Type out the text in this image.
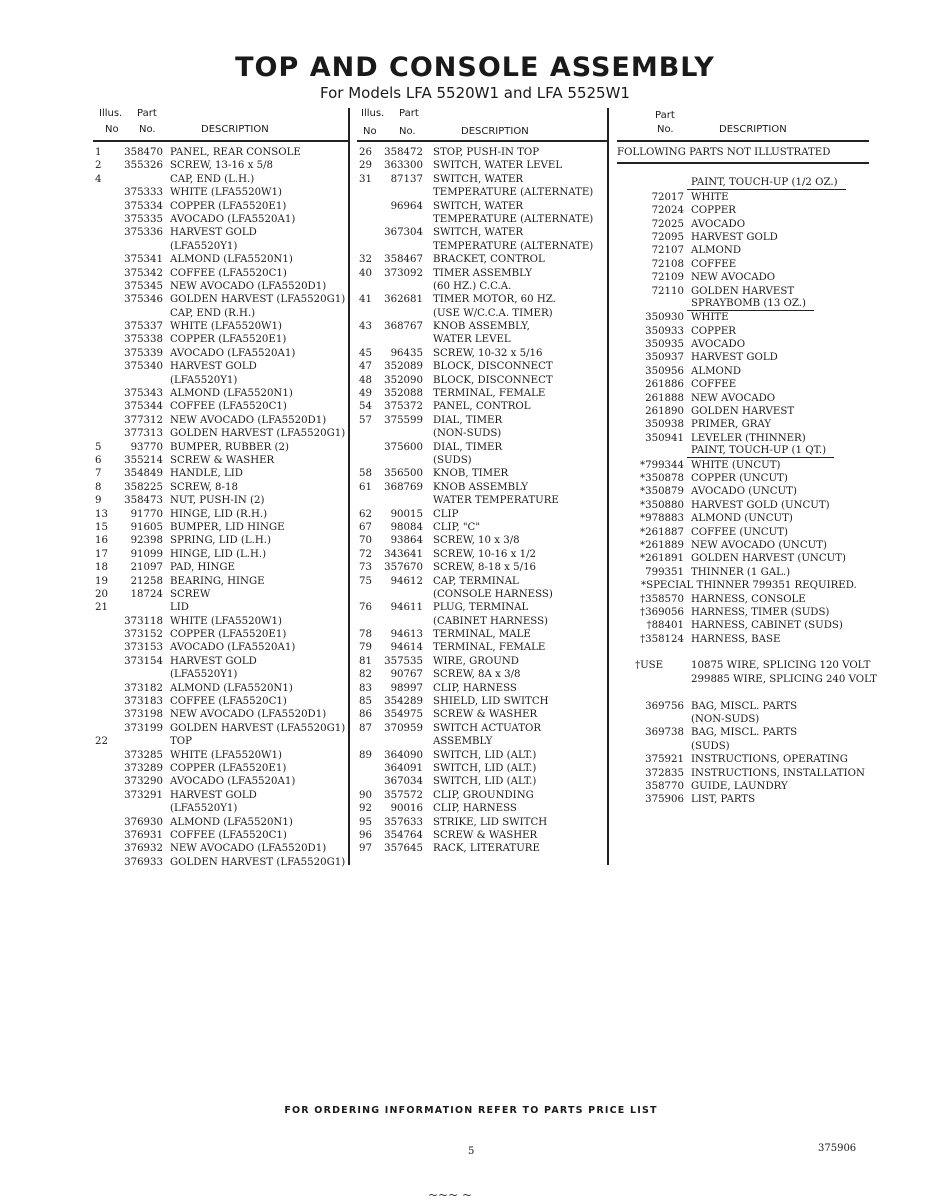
TOP AND CONSOLE ASSEMBLY
For Models LFA 5520W1 and LFA 5525W1
Illus. Part
No No.	DESCRIPTION
1	358470 PANEL, REAR CONSOLE
2	355326 SCREW, 13-16 x 5/8
4	CAP, END (L.H.)
375333 WHITE (LFA5520W1)
375334 COPPER (LFA5520E1)
375335 AVOCADO (LFA5520A1)
375336 HARVEST GOLD
(LFA5520Y1)
375341 ALMOND (LFA5520N1)
375342 COFFEE (LFA5520C1)
375345 NEW AVOCADO (LFA5520D1)
375346 GOLDEN HARVEST (LFA5520G1)
CAP, END (R.H.)
375337 WHITE (LFA5520W1)
375338 COPPER (LFA5520E1)
375339 AVOCADO (LFA5520A1)
375340 HARVEST GOLD
(LFA5520Y1)
375343 ALMOND (LFA5520N1)
375344 COFFEE (LFA5520C1)
377312 NEW AVOCADO (LFA5520D1)
377313 GOLDEN HARVEST (LFA5520G1)
5	93770 BUMPER, RUBBER (2)
6	355214 SCREW & WASHER
7	354849 HANDLE, LID
8	358225 SCREW, 8-18
9	358473 NUT, PUSH-IN (2)
13	91770 HINGE, LID (R.H.)
15	91605 BUMPER, LID HINGE
16	92398 SPRING, LID (L.H.)
17	91099 HINGE, LID (L.H.)
18	21097 PAD, HINGE
19	21258 BEARING, HINGE
20	18724 SCREW
21	LID
373118 WHITE (LFA5520W1)
373152 COPPER (LFA5520E1)
373153 AVOCADO (LFA5520A1)
373154 HARVEST GOLD
(LFA5520Y1)
373182 ALMOND (LFA5520N1)
373183 COFFEE (LFA5520C1)
373198 NEW AVOCADO (LFA5520D1)
373199 GOLDEN HARVEST (LFA5520G1)
22	TOP
373285 WHITE (LFA5520W1)
373289 COPPER (LFA5520E1)
373290 AVOCADO (LFA5520A1)
373291 HARVEST GOLD
(LFA5520Y1)
376930 ALMOND (LFA5520N1)
376931 COFFEE (LFA5520C1)
376932 NEW AVOCADO (LFA5520D1)
376933 GOLDEN HARVEST (LFA5520G1)
Illus. Part
No No.	DESCRIPTION
26	358472 STOP, PUSH-IN TOP
29	363300 SWITCH, WATER LEVEL
31	87137 SWITCH, WATER
TEMPERATURE (ALTERNATE)
96964 SWITCH, WATER
TEMPERATURE (ALTERNATE)
367304 SWITCH, WATER
TEMPERATURE (ALTERNATE)
32	358467 BRACKET, CONTROL
40	373092 TIMER ASSEMBLY
(60 HZ.) C.C.A.
41	362681 TIMER MOTOR, 60 HZ.
(USE W/C.C.A. TIMER)
43	368767 KNOB ASSEMBLY,
WATER LEVEL
45	96435 SCREW, 10-32 x 5/16
47	352089 BLOCK, DISCONNECT
48	352090 BLOCK, DISCONNECT
49	352088 TERMINAL, FEMALE
54	375372 PANEL, CONTROL
57	375599 DIAL, TIMER
(NON-SUDS)
375600 DIAL, TIMER
(SUDS)
58	356500 KNOB, TIMER
61	368769 KNOB ASSEMBLY
WATER TEMPERATURE
62	90015 CLIP
67	98084 CLIP, "C"
70	93864 SCREW, 10 x 3/8
72	343641 SCREW, 10-16 x 1/2
73	357670 SCREW, 8-18 x 5/16
75	94612 CAP, TERMINAL
(CONSOLE HARNESS)
76	94611 PLUG, TERMINAL
(CABINET HARNESS)
78	94613 TERMINAL, MALE
79	94614 TERMINAL, FEMALE
81	357535 WIRE, GROUND
82	90767 SCREW, 8A x 3/8
83	98997 CLIP, HARNESS
85	354289 SHIELD, LID SWITCH
86	354975 SCREW & WASHER
87	370959 SWITCH ACTUATOR
ASSEMBLY
89	364090 SWITCH, LID (ALT.)
364091 SWITCH, LID (ALT.)
367034 SWITCH, LID (ALT.)
90	357572 CLIP, GROUNDING
92	90016 CLIP, HARNESS
95	357633 STRIKE, LID SWITCH
96	354764 SCREW & WASHER
97	357645 RACK, LITERATURE
Part
No.	DESCRIPTION
FOLLOWING PARTS NOT ILLUSTRATED
PAINT, TOUCH-UP (1/2 OZ.)
72017 WHITE
72024 COPPER
72025 AVOCADO
72095 HARVEST GOLD
72107 ALMOND
72108 COFFEE
72109 NEW AVOCADO
72110 GOLDEN HARVEST
SPRAYBOMB (13 OZ.)
350930 WHITE
350933 COPPER
350935 AVOCADO
350937 HARVEST GOLD
350956 ALMOND
261886 COFFEE
261888 NEW AVOCADO
261890 GOLDEN HARVEST
350938 PRIMER, GRAY
350941 LEVELER (THINNER)
PAINT, TOUCH-UP (1 QT.)
*799344 WHITE (UNCUT)
*350878 COPPER (UNCUT)
*350879 AVOCADO (UNCUT)
*350880 HARVEST GOLD (UNCUT)
*978883 ALMOND (UNCUT)
*261887 COFFEE (UNCUT)
*261889 NEW AVOCADO (UNCUT)
*261891 GOLDEN HARVEST (UNCUT)
799351 THINNER (1 GAL.)
*SPECIAL THINNER 799351 REQUIRED.
†358570 HARNESS, CONSOLE
†369056 HARNESS, TIMER (SUDS)
†88401 HARNESS, CABINET (SUDS)
†358124 HARNESS, BASE
†USE	10875 WIRE, SPLICING 120 VOLT
299885 WIRE, SPLICING 240 VOLT
369756 BAG, MISCL. PARTS
(NON-SUDS)
369738 BAG, MISCL. PARTS
(SUDS)
375921 INSTRUCTIONS, OPERATING
372835 INSTRUCTIONS, INSTALLATION
358770 GUIDE, LAUNDRY
375906 LIST, PARTS
FOR ORDERING INFORMATION REFER TO PARTS PRICE LIST
5	375906
~~~ ~
